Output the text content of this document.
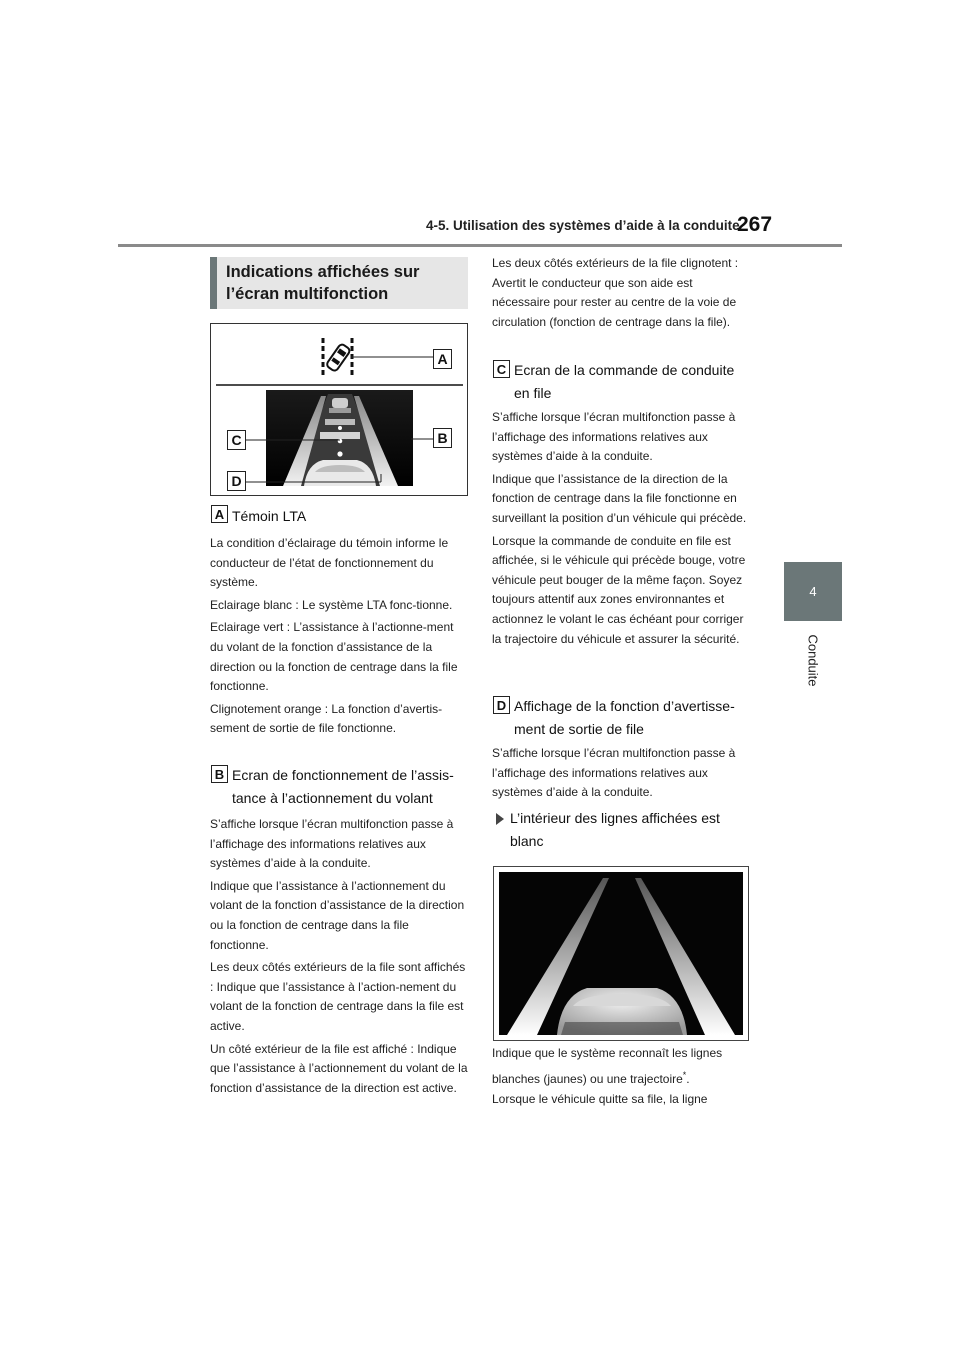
4-5. Utilisation des systèmes d’aide à la conduite
267
4
Conduite
Indications affichées sur l’écran multifonction
A
B
C
D
A Témoin LTA

La condition d’éclairage du témoin informe le conducteur de l’état de fonctionnement du système.

Eclairage blanc : Le système LTA fonc-tionne.

Eclairage vert : L’assistance à l’actionne-ment du volant de la fonction d’assistance de la direction ou la fonction de centrage dans la file fonctionne.

Clignotement orange : La fonction d’avertis-sement de sortie de file fonctionne.

B Ecran de fonctionnement de l’assis-tance à l’actionnement du volant

S’affiche lorsque l’écran multifonction passe à l’affichage des informations relatives aux systèmes d’aide à la conduite.

Indique que l’assistance à l’actionnement du volant de la fonction d’assistance de la direction ou la fonction de centrage dans la file fonctionne.

Les deux côtés extérieurs de la file sont affichés : Indique que l’assistance à l’action-nement du volant de la fonction de centrage dans la file est active.

Un côté extérieur de la file est affiché : Indique que l’assistance à l’actionnement du volant de la fonction d’assistance de la direction est active.

Les deux côtés extérieurs de la file clignotent : Avertit le conducteur que son aide est nécessaire pour rester au centre de la voie de circulation (fonction de centrage dans la file).

C Ecran de la commande de conduite en file

S’affiche lorsque l’écran multifonction passe à l’affichage des informations relatives aux systèmes d’aide à la conduite.

Indique que l’assistance de la direction de la fonction de centrage dans la file fonctionne en surveillant la position d’un véhicule qui précède.

Lorsque la commande de conduite en file est affichée, si le véhicule qui précède bouge, votre véhicule peut bouger de la même façon. Soyez toujours attentif aux zones environnantes et actionnez le volant le cas échéant pour corriger la trajectoire du véhicule et assurer la sécurité.

D Affichage de la fonction d’avertisse-ment de sortie de file

S’affiche lorsque l’écran multifonction passe à l’affichage des informations relatives aux systèmes d’aide à la conduite.

L’intérieur des lignes affichées est blanc
Indique que le système reconnaît les lignes
blanches (jaunes) ou une trajectoire*.
Lorsque le véhicule quitte sa file, la ligne
